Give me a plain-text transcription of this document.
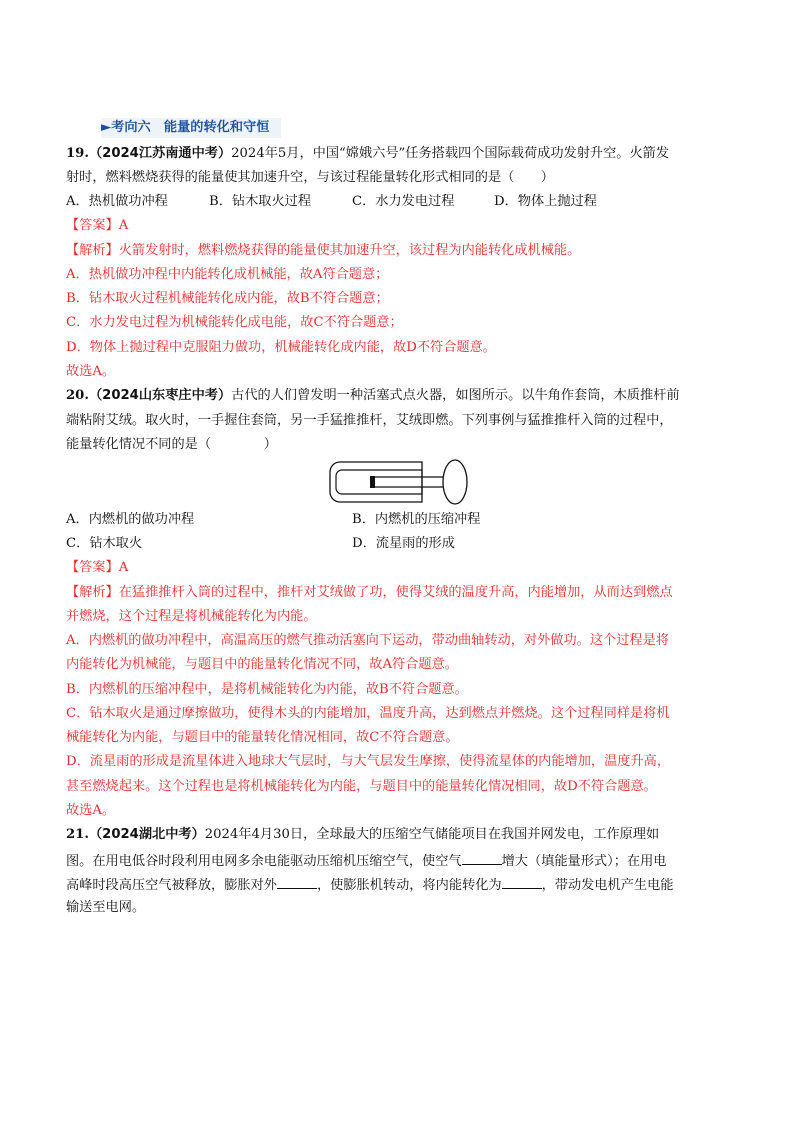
►考向六　能量的转化和守恒
19.（2024江苏南通中考）2024年5月，中国“嫦娥六号”任务搭载四个国际载荷成功发射升空。火箭发
射时，燃料燃烧获得的能量使其加速升空，与该过程能量转化形式相同的是（　　）
A．热机做功冲程	B．钻木取火过程	C．水力发电过程	D．物体上抛过程
【答案】A
【解析】火箭发射时，燃料燃烧获得的能量使其加速升空，该过程为内能转化成机械能。
A．热机做功冲程中内能转化成机械能，故A符合题意；
B．钻木取火过程机械能转化成内能，故B不符合题意；
C．水力发电过程为机械能转化成电能，故C不符合题意；
D．物体上抛过程中克服阻力做功，机械能转化成内能，故D不符合题意。
故选A。
20.（2024山东枣庄中考）古代的人们曾发明一种活塞式点火器，如图所示。以牛角作套筒，木质推杆前
端粘附艾绒。取火时，一手握住套筒，另一手猛推推杆，艾绒即燃。下列事例与猛推推杆入筒的过程中，
能量转化情况不同的是（　　　　）
A．内燃机的做功冲程	B．内燃机的压缩冲程
C．钻木取火	D．流星雨的形成
【答案】A
【解析】在猛推推杆入筒的过程中，推杆对艾绒做了功，使得艾绒的温度升高，内能增加，从而达到燃点
并燃烧，这个过程是将机械能转化为内能。
A．内燃机的做功冲程中，高温高压的燃气推动活塞向下运动，带动曲轴转动，对外做功。这个过程是将
内能转化为机械能，与题目中的能量转化情况不同，故A符合题意。
B．内燃机的压缩冲程中，是将机械能转化为内能，故B不符合题意。
C．钻木取火是通过摩擦做功，使得木头的内能增加，温度升高，达到燃点并燃烧。这个过程同样是将机
械能转化为内能，与题目中的能量转化情况相同，故C不符合题意。
D．流星雨的形成是流星体进入地球大气层时，与大气层发生摩擦，使得流星体的内能增加，温度升高，
甚至燃烧起来。这个过程也是将机械能转化为内能，与题目中的能量转化情况相同，故D不符合题意。
故选A。
21.（2024湖北中考）2024年4月30日，全球最大的压缩空气储能项目在我国并网发电，工作原理如
图。在用电低谷时段利用电网多余电能驱动压缩机压缩空气，使空气	增大（填能量形式）；在用电
高峰时段高压空气被释放，膨胀对外	，使膨胀机转动，将内能转化为	，带动发电机产生电能
输送至电网。
